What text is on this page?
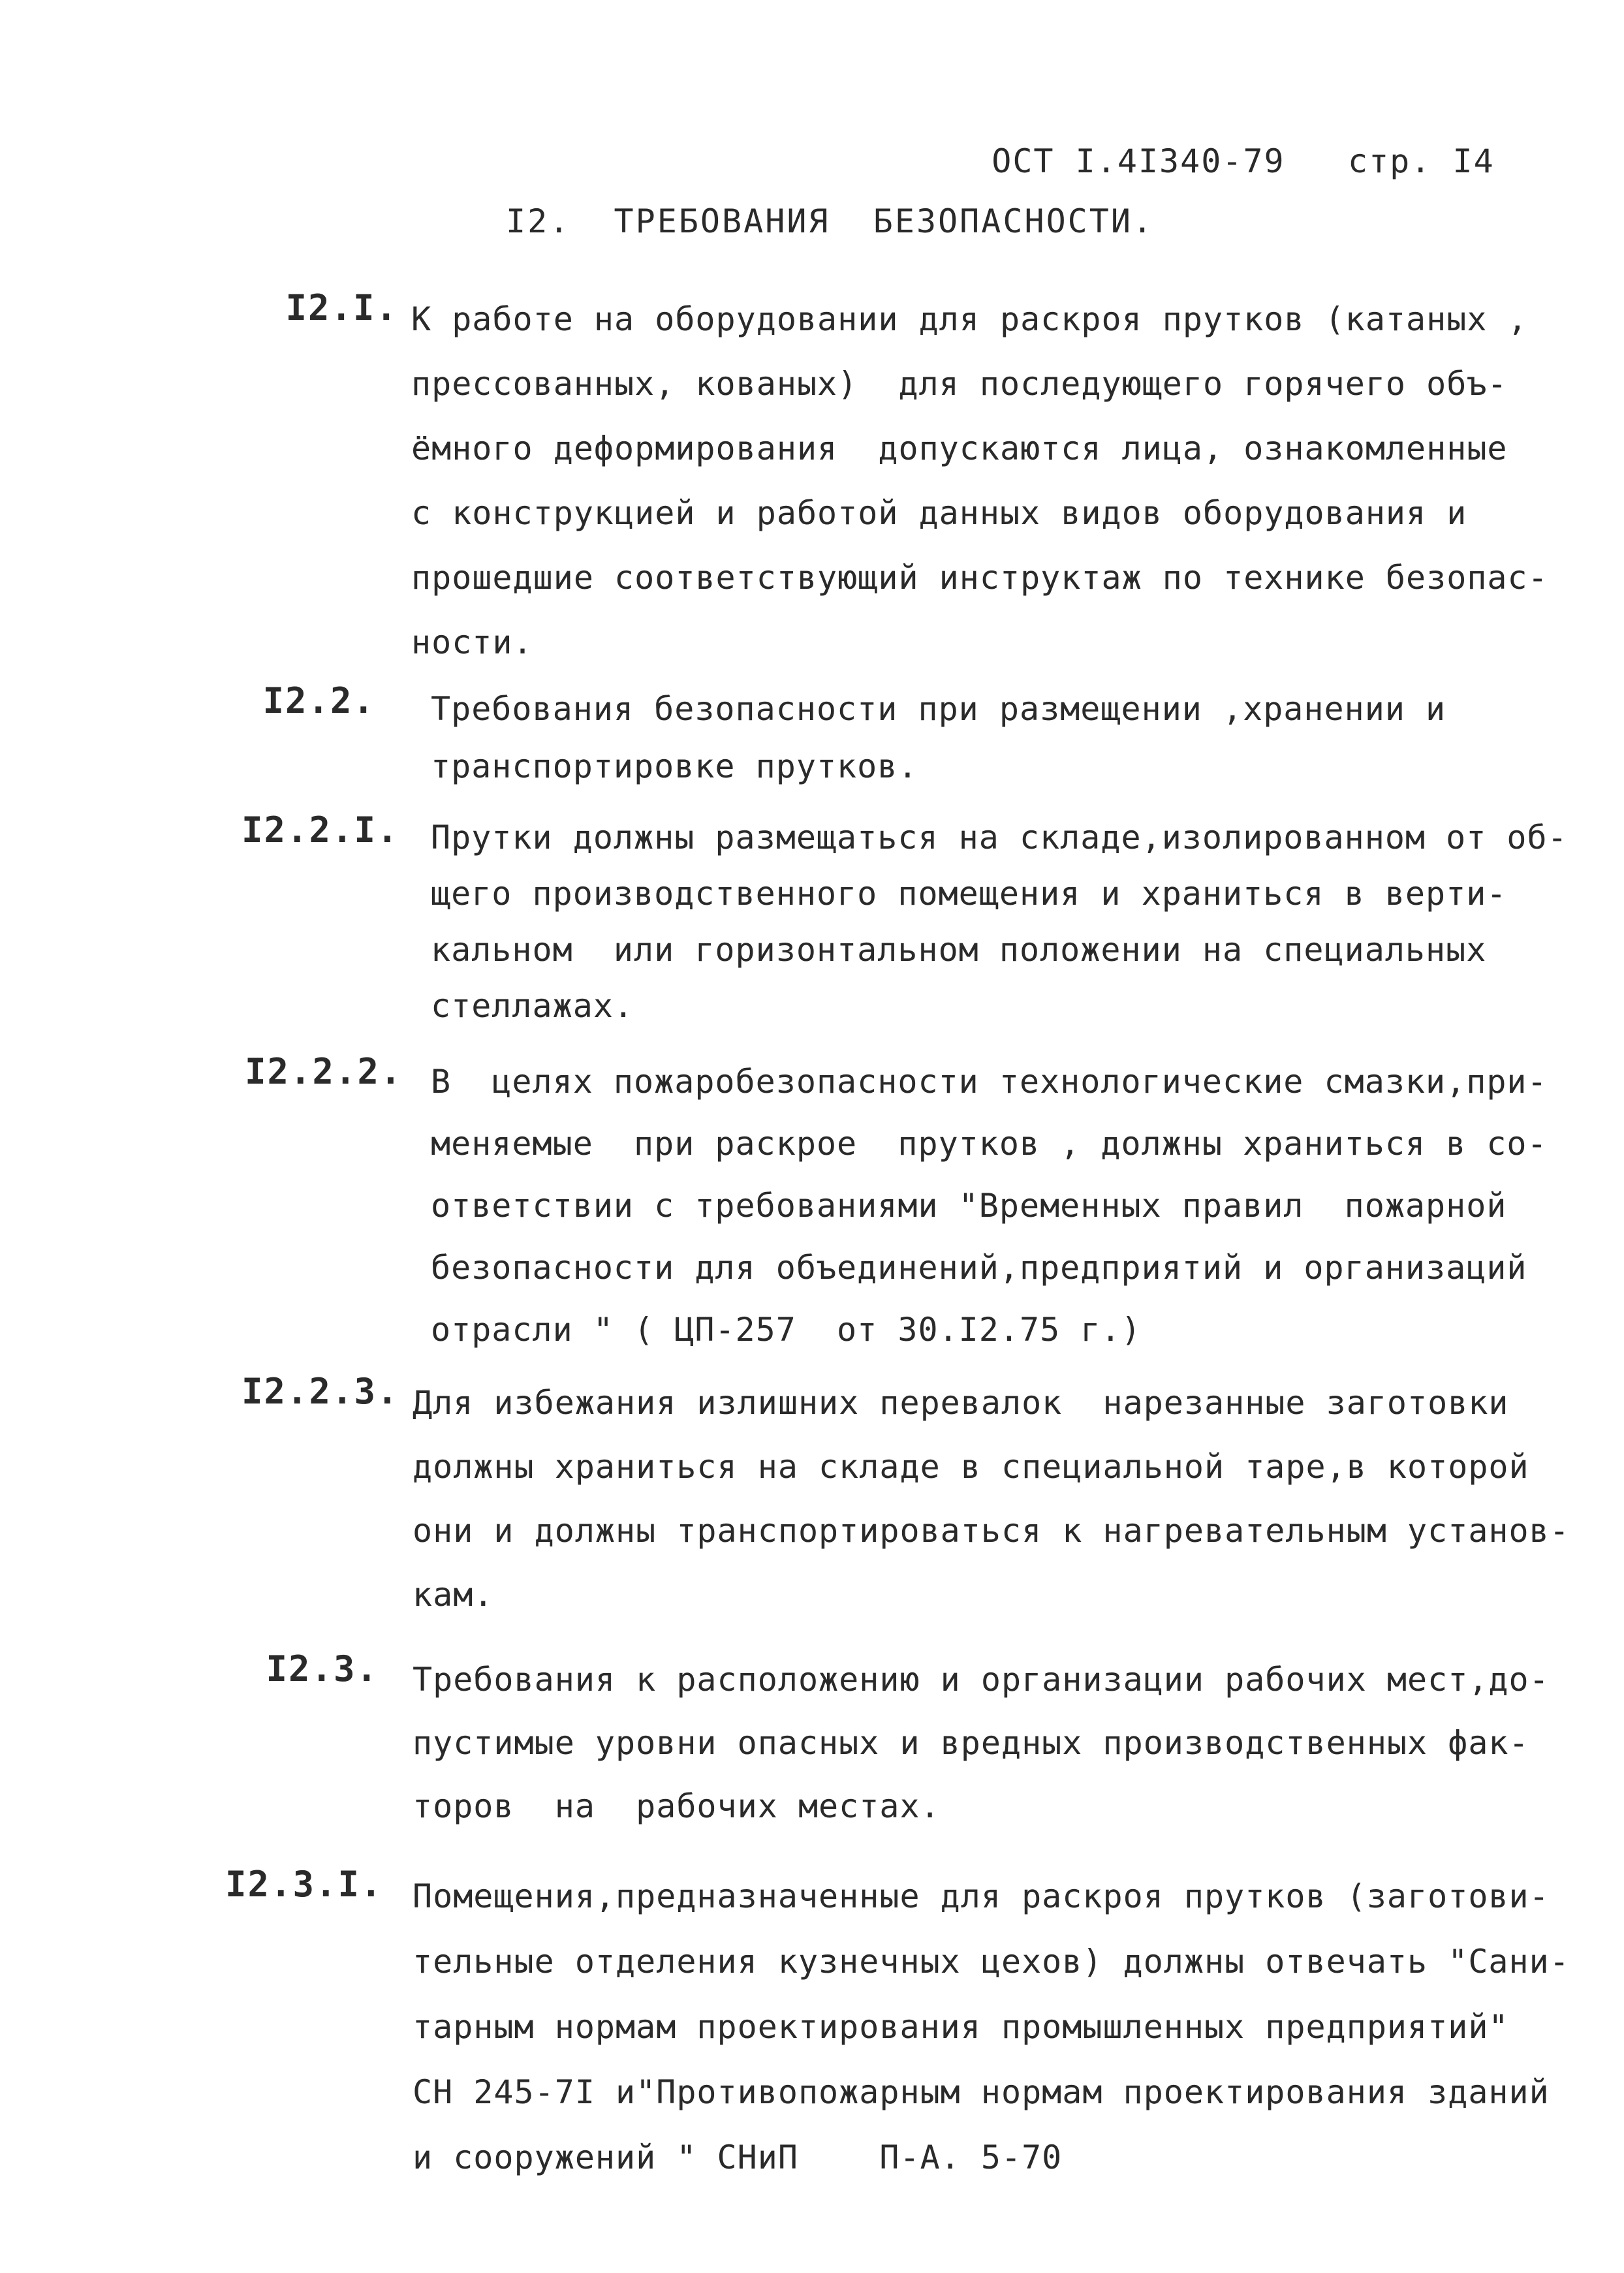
ОСТ I.4I340-79 стр. I4

I2.  ТРЕБОВАНИЯ  БЕЗОПАСНОСТИ.
I2.I. К работе на оборудовании для раскроя прутков (катаных ,
прессованных, кованых)  для последующего горячего объ-
ёмного деформирования  допускаются лица, ознакомленные
с конструкцией и работой данных видов оборудования и
прошедшие соответствующий инструктаж по технике безопас-
ности.
I2.2. Требования безопасности при размещении ,хранении и
транспортировке прутков.
I2.2.I. Прутки должны размещаться на складе,изолированном от об-
щего производственного помещения и храниться в верти-
кальном  или горизонтальном положении на специальных
стеллажах.
I2.2.2. В  целях пожаробезопасности технологические смазки,при-
меняемые  при раскрое  прутков , должны храниться в со-
ответствии с требованиями "Временных правил  пожарной
безопасности для объединений,предприятий и организаций
отрасли " ( ЦП-257  от 30.I2.75 г.)
I2.2.3. Для избежания излишних перевалок  нарезанные заготовки
должны храниться на складе в специальной таре,в которой
они и должны транспортироваться к нагревательным установ-
кам.
I2.3. Требования к расположению и организации рабочих мест,до-
пустимые уровни опасных и вредных производственных фак-
торов  на  рабочих местах.
I2.3.I. Помещения,предназначенные для раскроя прутков (заготови-
тельные отделения кузнечных цехов) должны отвечать "Сани-
тарным нормам проектирования промышленных предприятий"
СН 245-7I и"Противопожарным нормам проектирования зданий
и сооружений " СНиП    П-А. 5-70
